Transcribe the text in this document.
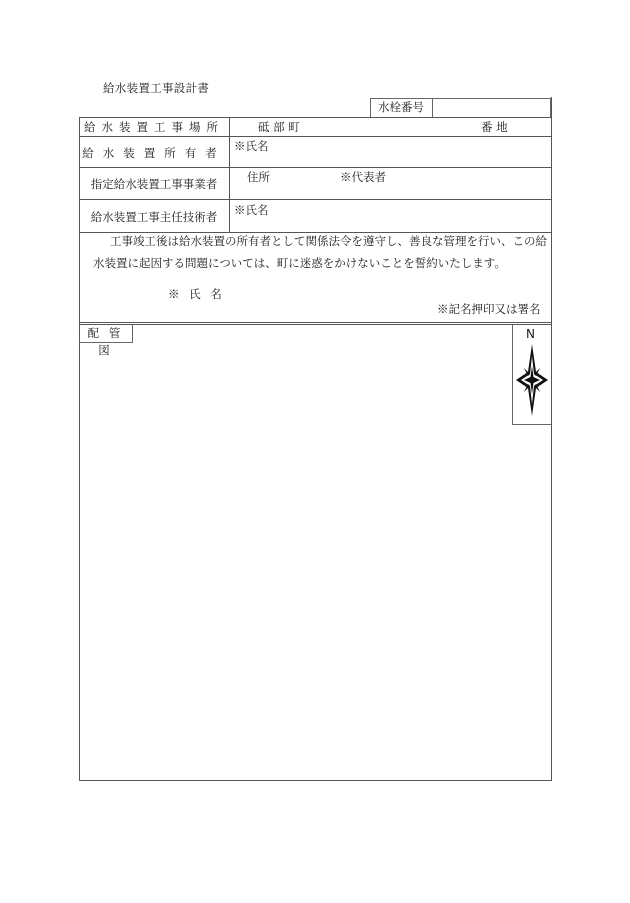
給水装置工事設計書
水栓番号
給水装置工事場所	砥 部 町	番 地
給水装置所有者 ※氏名
指定給水装置工事事業者	住所	※代表者
給水装置工事主任技術者	※氏名
工事竣工後は給水装置の所有者として関係法令を遵守し、善良な管理を行い、この給水装置に起因する問題については、町に迷惑をかけないことを誓約いたします。
※ 氏 名
※記名押印又は署名
配 管 図
N
